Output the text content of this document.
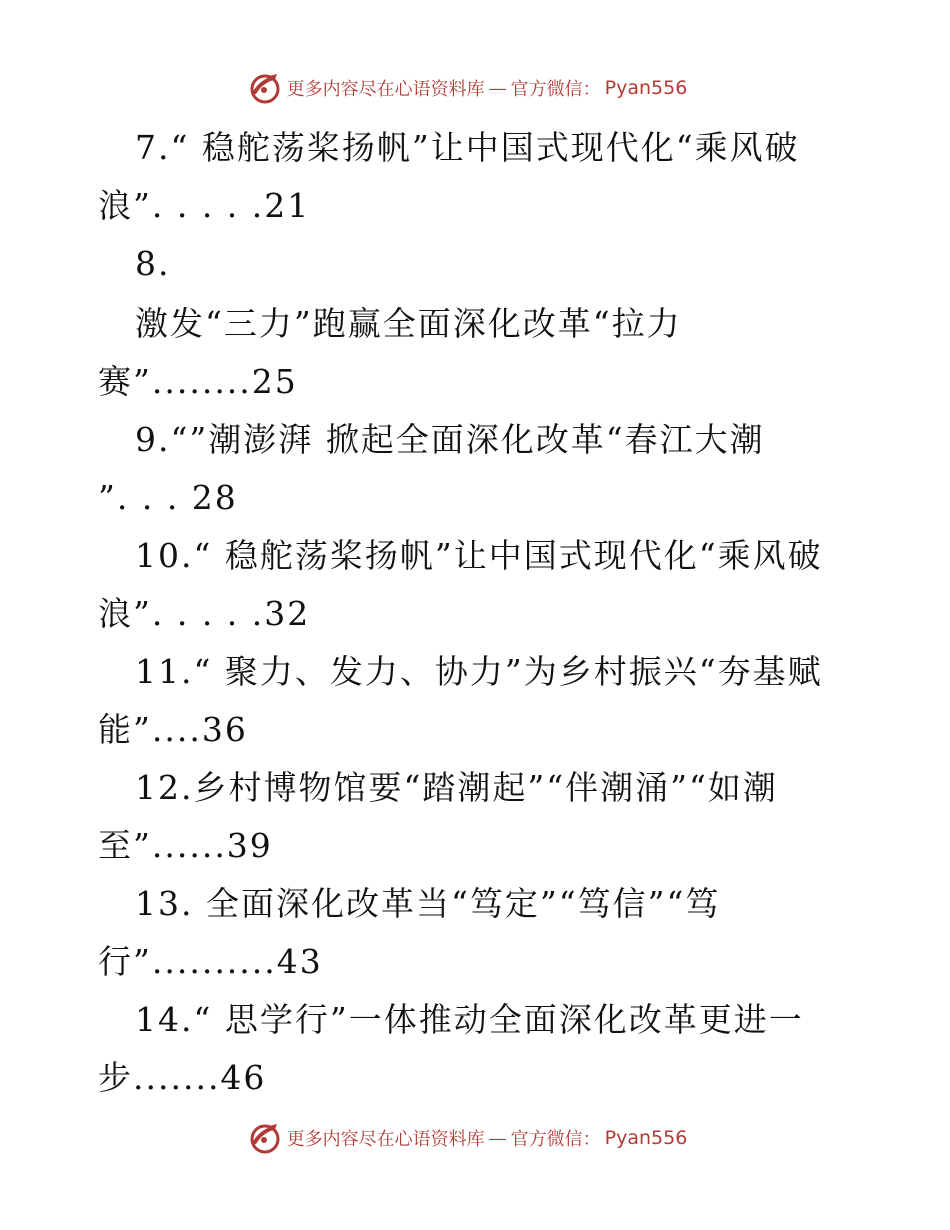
更多内容尽在心语资料库 — 官方微信： Pyan556
7.“ 稳舵荡桨扬帆”让中国式现代化“乘风破
浪”. . . . .21
8.
激发“三力”跑赢全面深化改革“拉力
赛”........25
9.“”潮澎湃 掀起全面深化改革“春江大潮
”. . . 28
10.“ 稳舵荡桨扬帆”让中国式现代化“乘风破
浪”. . . . .32
11.“ 聚力、发力、协力”为乡村振兴“夯基赋
能”....36
12.乡村博物馆要“踏潮起”“伴潮涌”“如潮
至”......39
13. 全面深化改革当“笃定”“笃信”“笃
行”..........43
14.“ 思学行”一体推动全面深化改革更进一
步.......46
更多内容尽在心语资料库 — 官方微信： Pyan556
